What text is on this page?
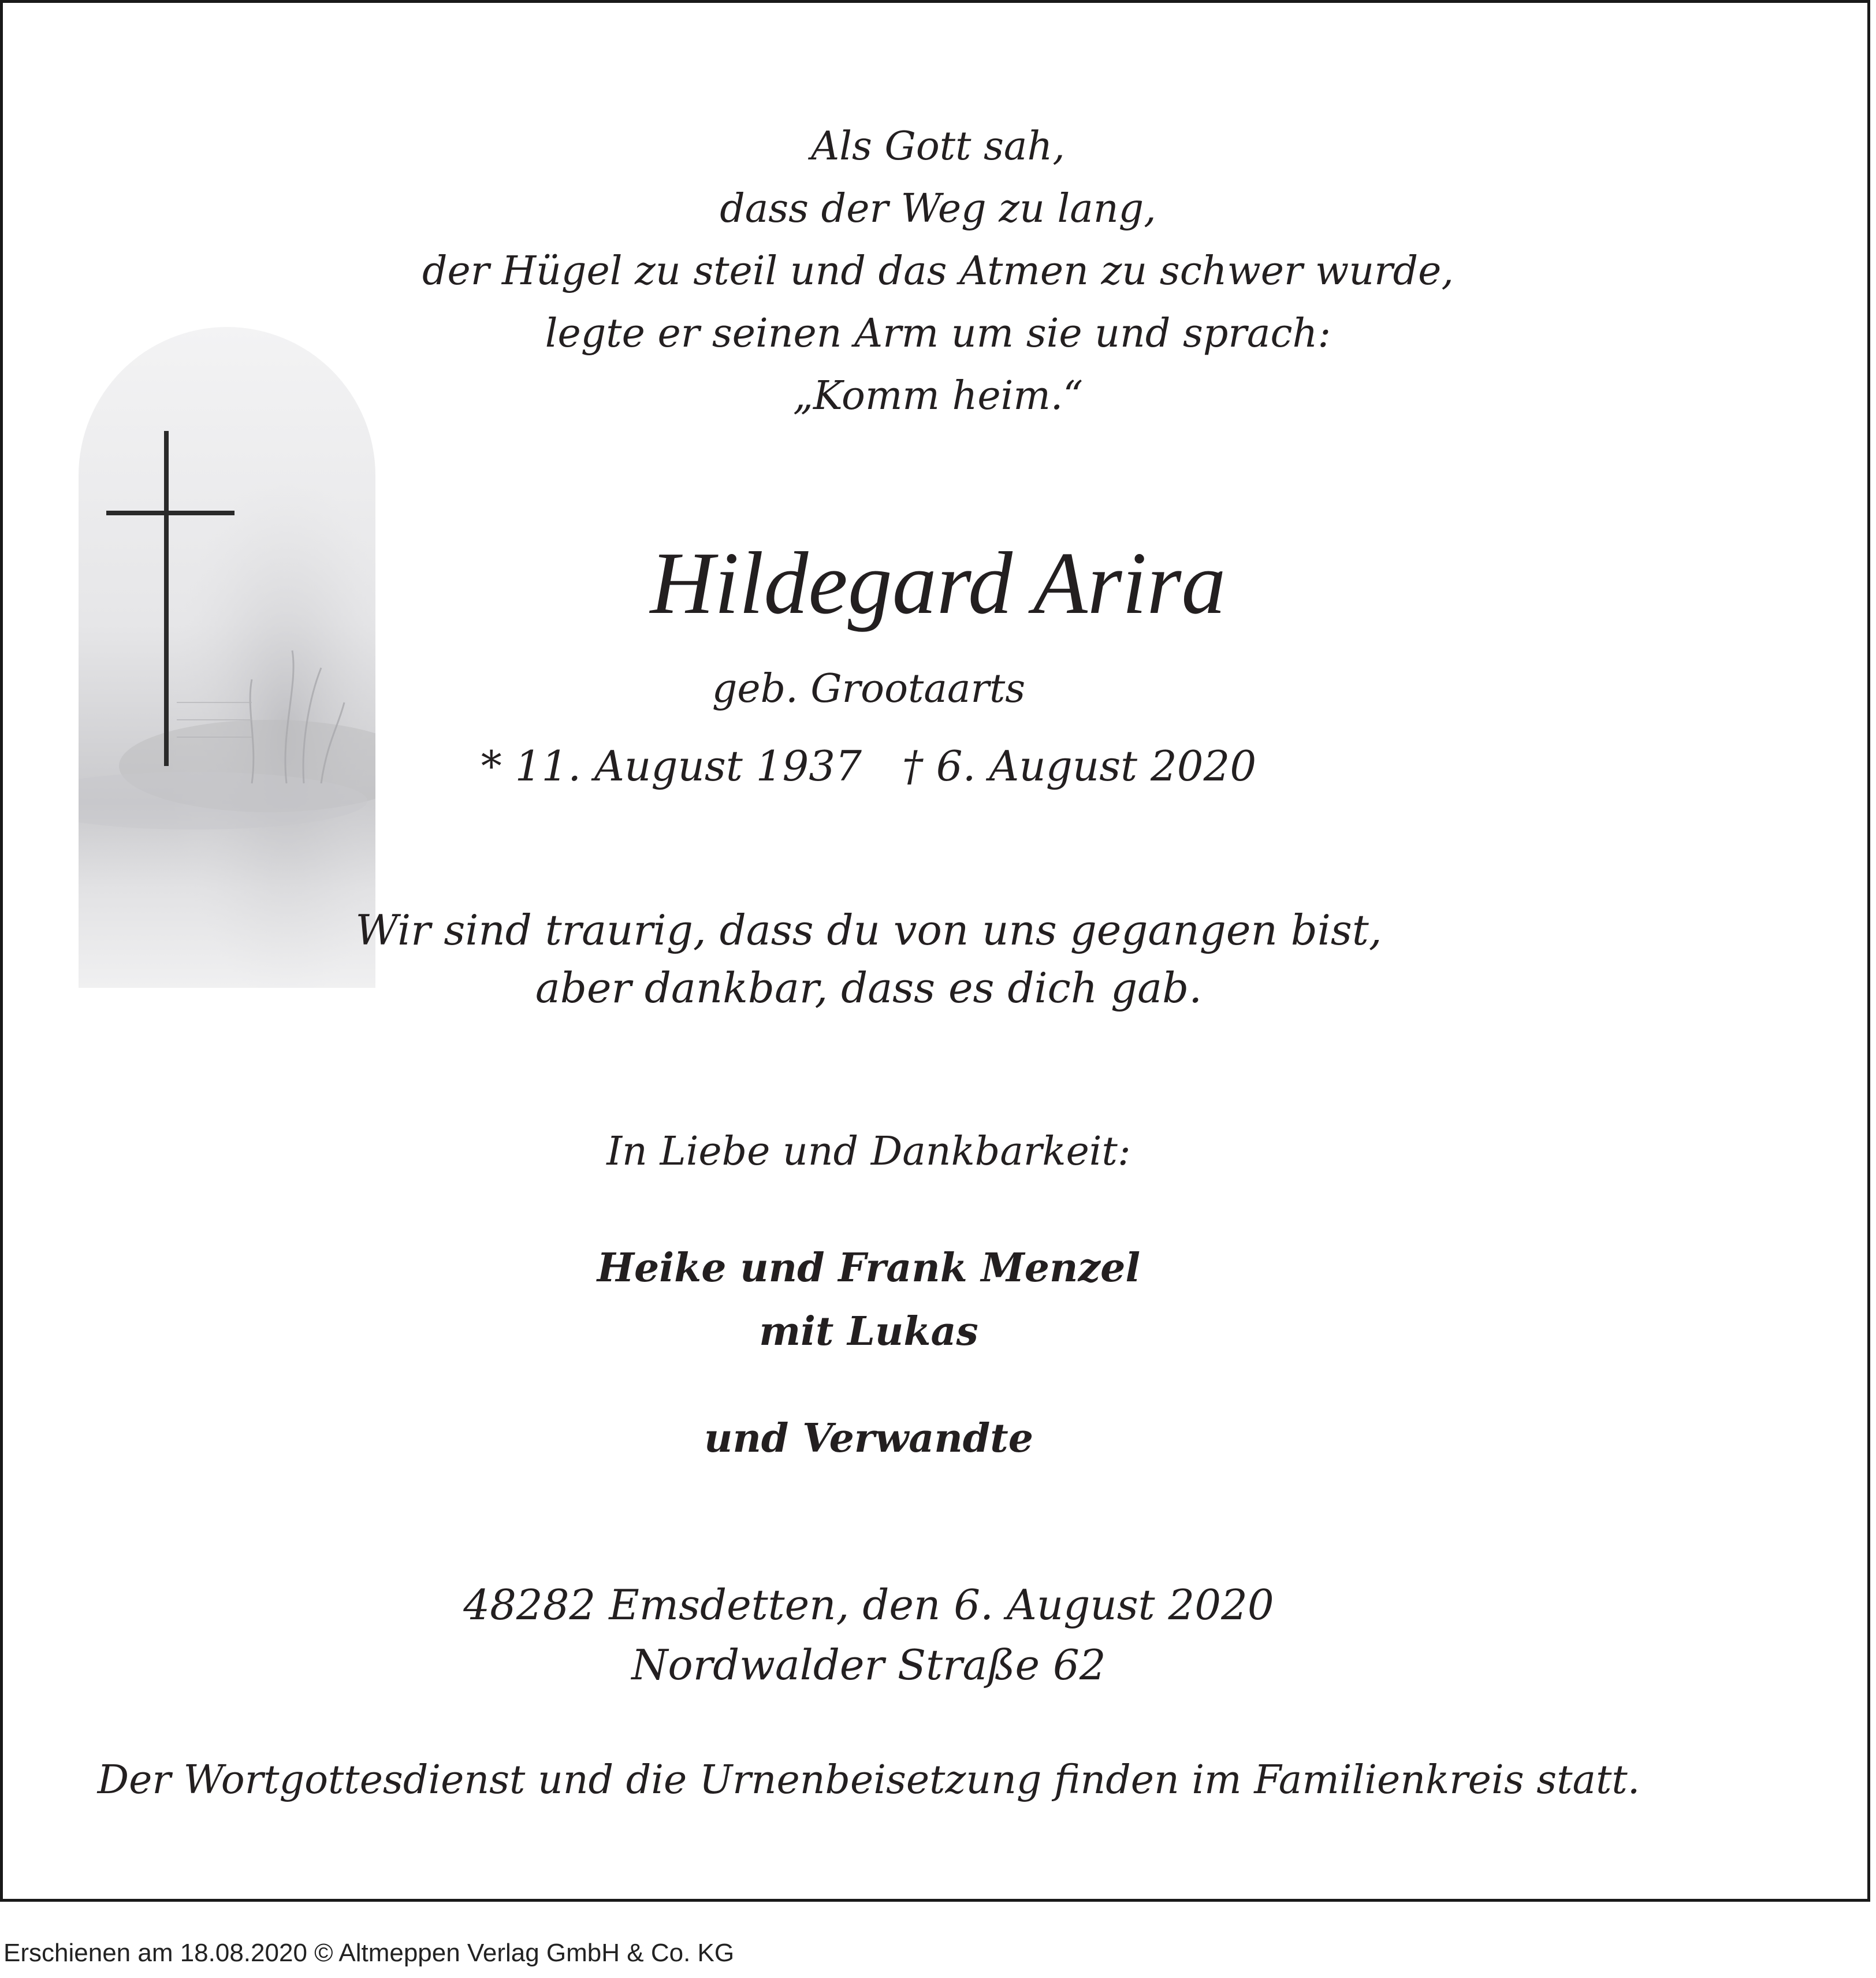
Als Gott sah,
dass der Weg zu lang,
der Hügel zu steil und das Atmen zu schwer wurde,
legte er seinen Arm um sie und sprach:
„Komm heim.“
Hildegard Arira
geb. Grootaarts
* 11. August 1937 † 6. August 2020
Wir sind traurig, dass du von uns gegangen bist,
aber dankbar, dass es dich gab.
In Liebe und Dankbarkeit:
Heike und Frank Menzel
mit Lukas
und Verwandte
48282 Emsdetten, den 6. August 2020
Nordwalder Straße 62
Der Wortgottesdienst und die Urnenbeisetzung finden im Familienkreis statt.
Erschienen am 18.08.2020 © Altmeppen Verlag GmbH & Co. KG
